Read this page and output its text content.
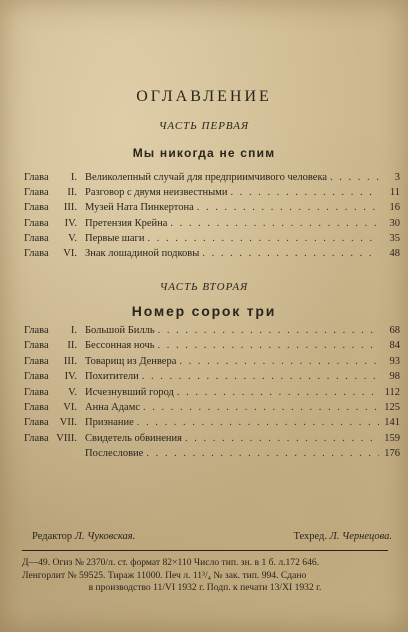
ОГЛАВЛЕНИЕ
ЧАСТЬ ПЕРВАЯ
Мы никогда не спим
Глава	I. Великолепный случай для предприимчивого человека . . .	3
Глава	II. Разговор с двумя неизвестными . . .	11
Глава	III. Музей Ната Пинкертона . . .	16
Глава	IV. Претензия Крейна . . .	30
Глава	V. Первые шаги . . .	35
Глава	VI. Знак лошадиной подковы . . .	48
ЧАСТЬ ВТОРАЯ
Номер сорок три
Глава	I. Большой Билль . . .	68
Глава	II. Бессонная ночь . . .	84
Глава	III. Товарищ из Денвера . . .	93
Глава	IV. Похитители . . .	98
Глава	V. Исчезнувший город . . .	112
Глава	VI. Анна Адамс . . .	125
Глава	VII. Признание . . .	141
Глава VIII. Свидетель обвинения . . .	159
Послесловие . . .	176
Редактор Л. Чуковская.	Техред. Л. Чернецова.
Д—49. Огиз № 2370/л. ст. формат 82×110 Число тип. зн. в 1 б. л.172 646.
Ленгорлит № 59525. Тираж 11000. Печ л. 11³/₄ № зак. тип. 994. Сдано
в производство 11/VI 1932 г. Подп. к печати 13/XI 1932 г.
